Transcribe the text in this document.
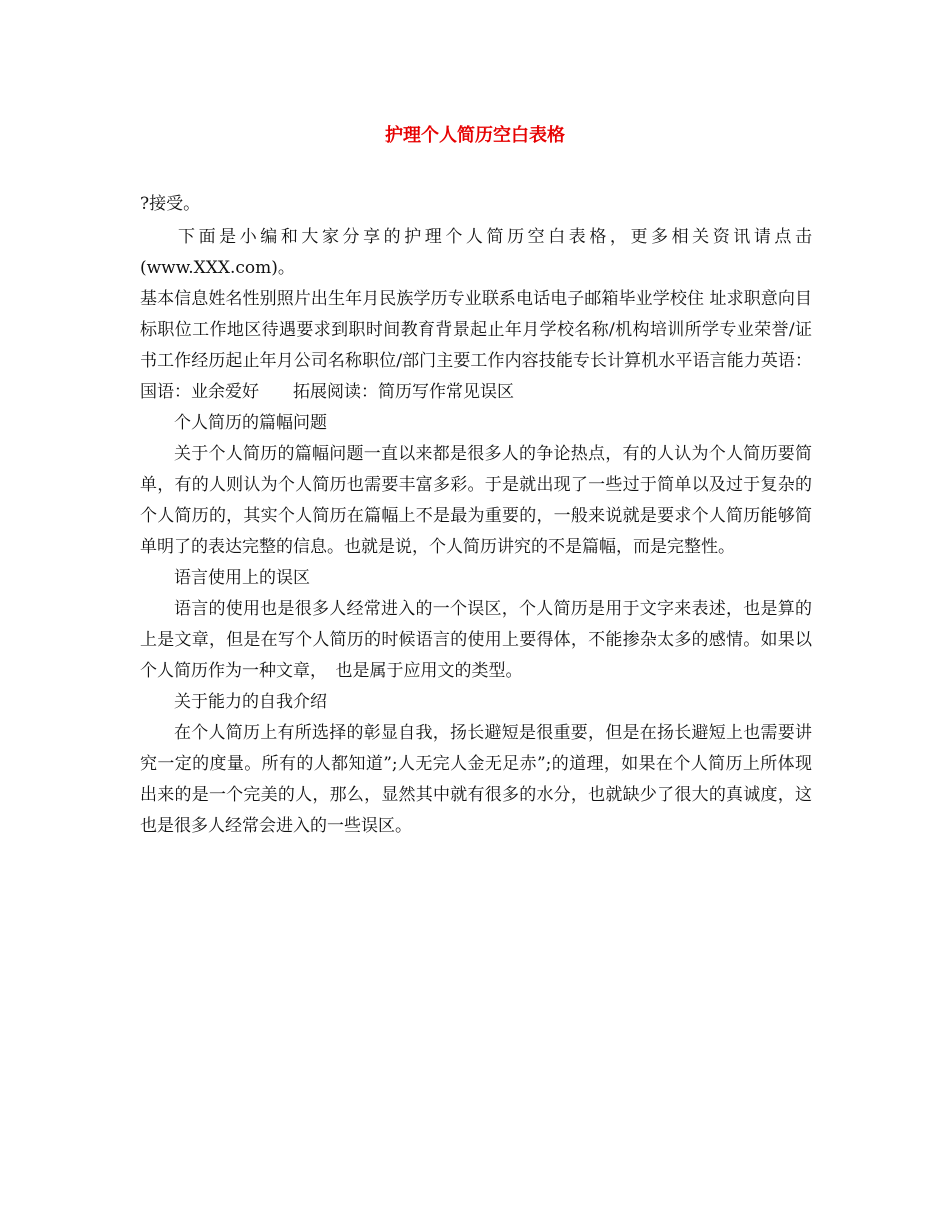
护理个人简历空白表格

?接受。

下面是小编和大家分享的护理个人简历空白表格，更多相关资讯请点击(www.XXX.com)。

基本信息姓名性别照片出生年月民族学历专业联系电话电子邮箱毕业学校住 址求职意向目标职位工作地区待遇要求到职时间教育背景起止年月学校名称/机构培训所学专业荣誉/证书工作经历起止年月公司名称职位/部门主要工作内容技能专长计算机水平语言能力英语：国语：业余爱好　　拓展阅读：简历写作常见误区

个人简历的篇幅问题

关于个人简历的篇幅问题一直以来都是很多人的争论热点，有的人认为个人简历要简单，有的人则认为个人简历也需要丰富多彩。于是就出现了一些过于简单以及过于复杂的个人简历的，其实个人简历在篇幅上不是最为重要的，一般来说就是要求个人简历能够简单明了的表达完整的信息。也就是说，个人简历讲究的不是篇幅，而是完整性。

语言使用上的误区

语言的使用也是很多人经常进入的一个误区，个人简历是用于文字来表述，也是算的上是文章，但是在写个人简历的时候语言的使用上要得体，不能掺杂太多的感情。如果以个人简历作为一种文章，　也是属于应用文的类型。

关于能力的自我介绍

在个人简历上有所选择的彰显自我，扬长避短是很重要，但是在扬长避短上也需要讲究一定的度量。所有的人都知道”;人无完人金无足赤”;的道理，如果在个人简历上所体现出来的是一个完美的人，那么，显然其中就有很多的水分，也就缺少了很大的真诚度，这也是很多人经常会进入的一些误区。
